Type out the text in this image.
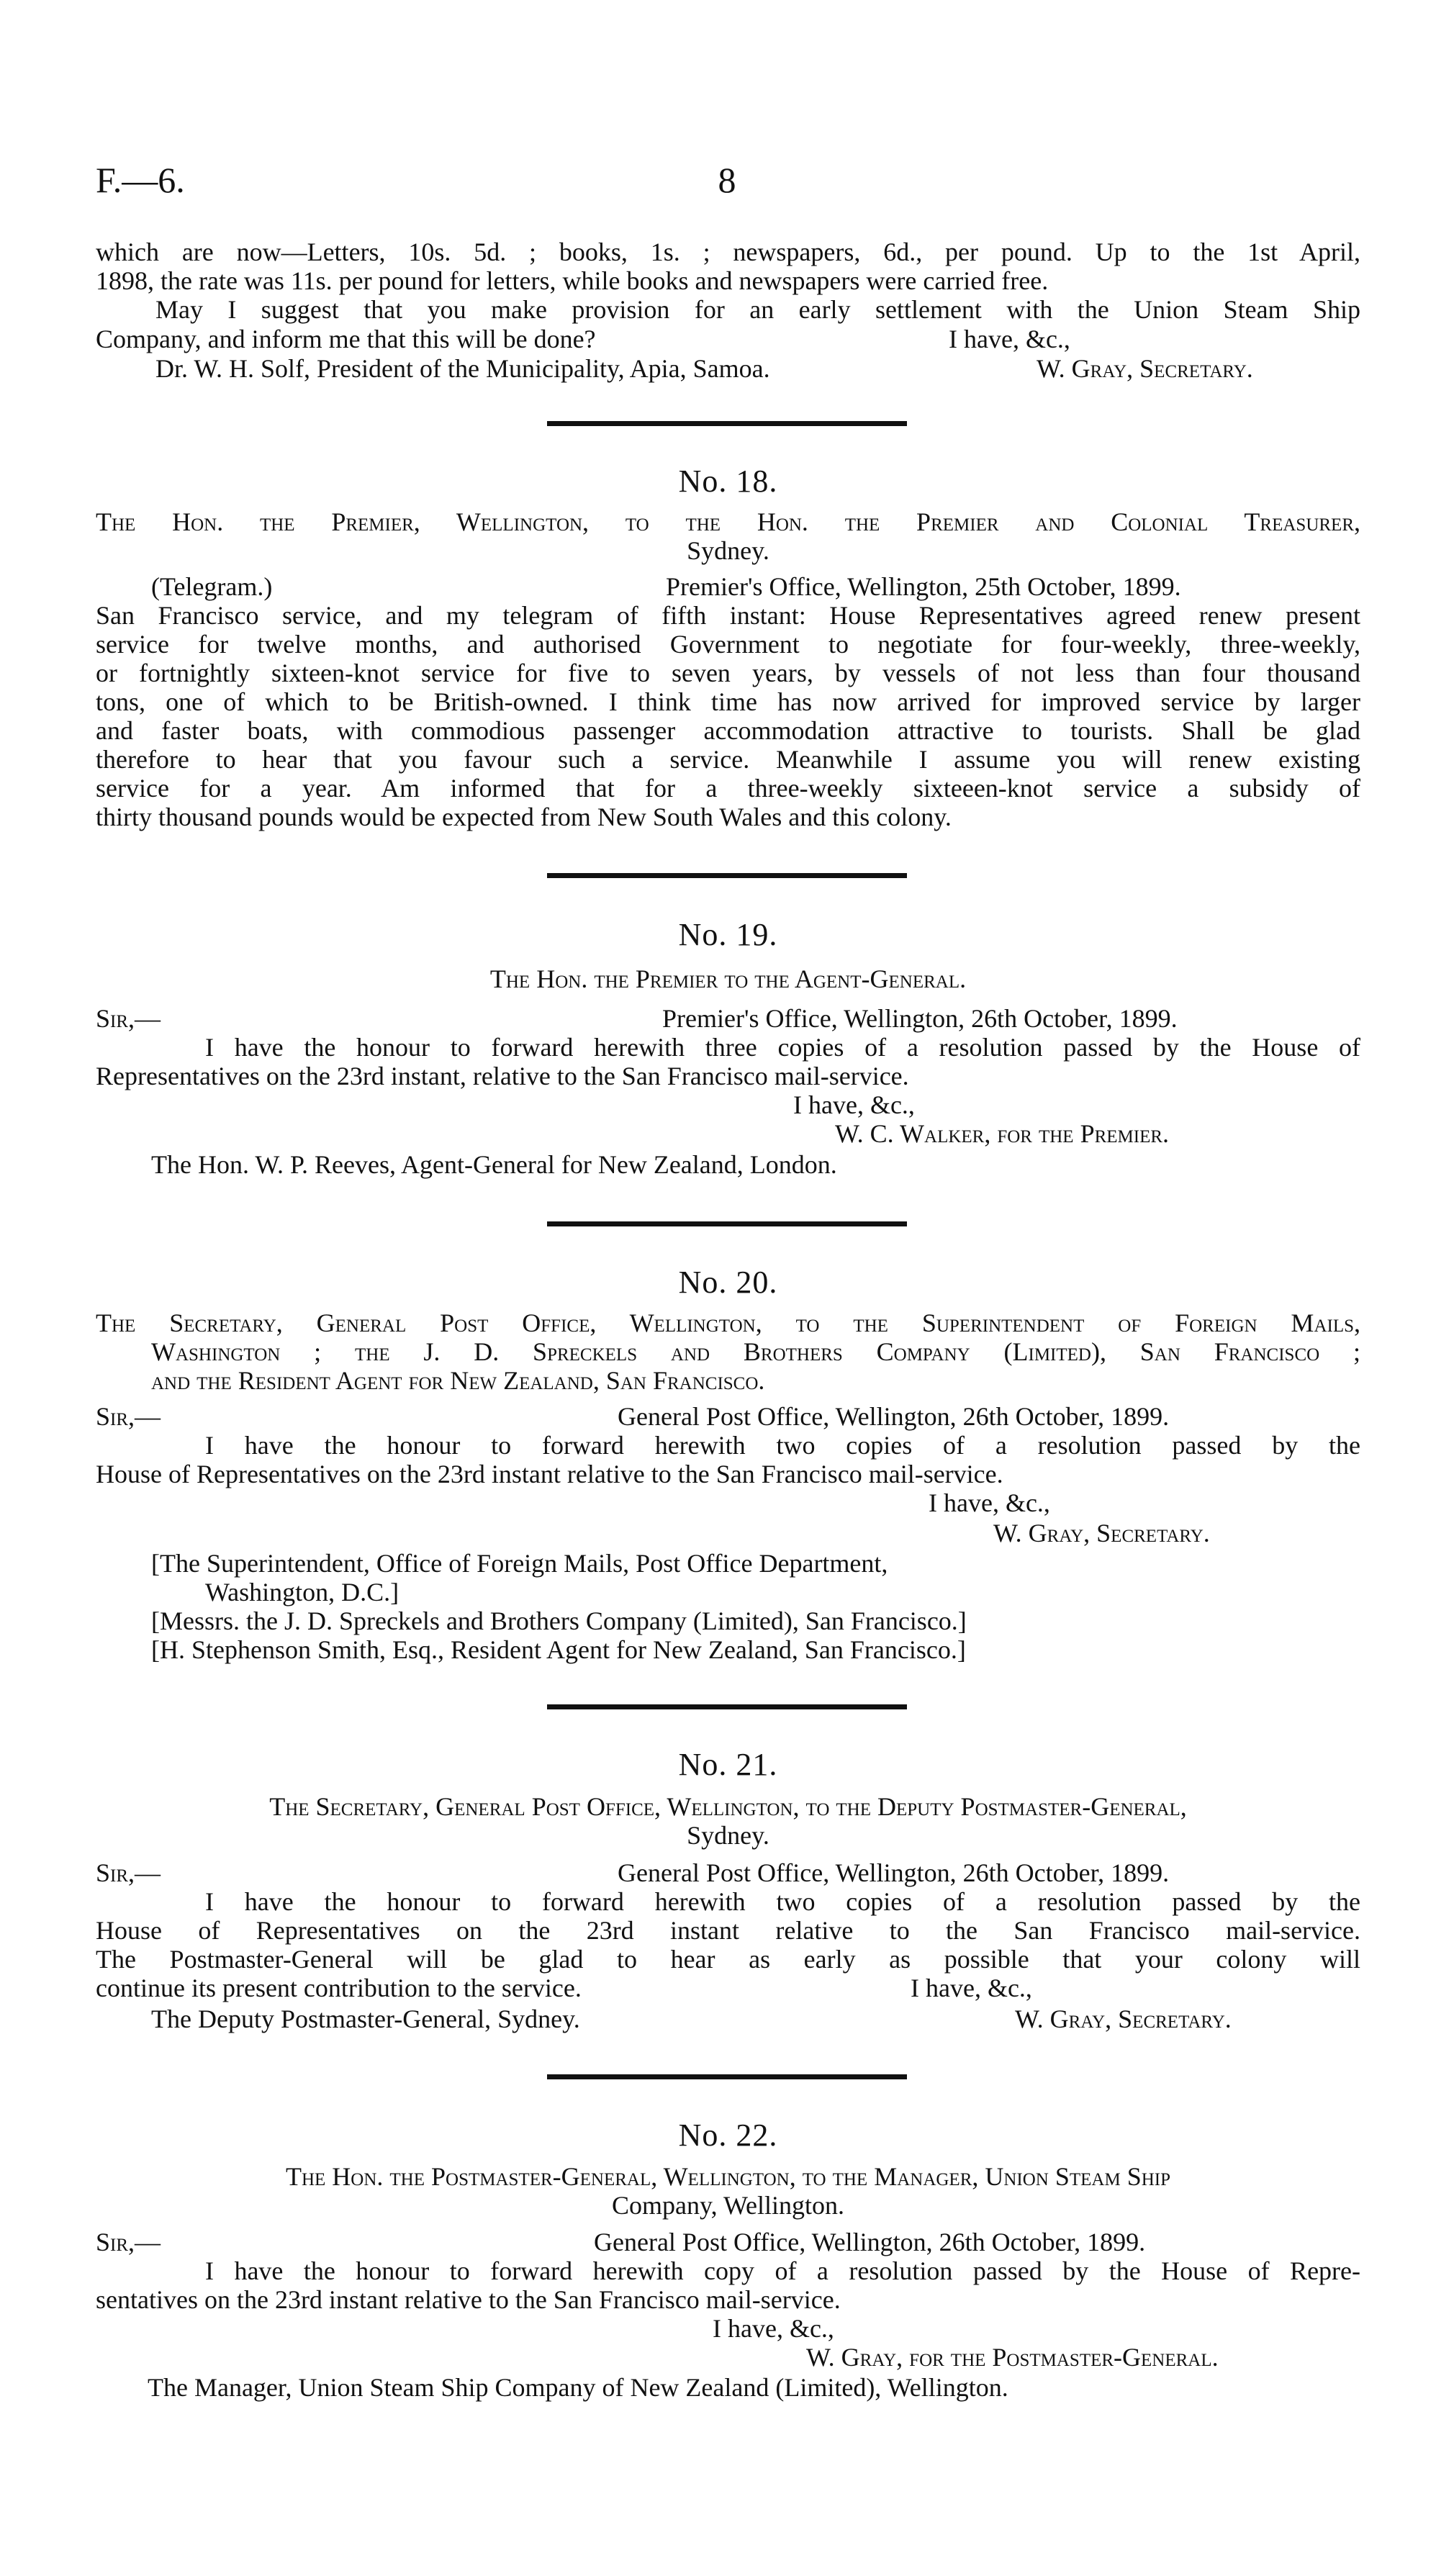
F.—6.	8
which are now—Letters, 10s. 5d. ; books, 1s. ; newspapers, 6d., per pound. Up to the 1st April,
1898, the rate was 11s. per pound for letters, while books and newspapers were carried free.
May I suggest that you make provision for an early settlement with the Union Steam Ship
Company, and inform me that this will be done?	I have, &c.,
Dr. W. H. Solf, President of the Municipality, Apia, Samoa.	W. Gray, Secretary.
No. 18.
The Hon. the Premier, Wellington, to the Hon. the Premier and Colonial Treasurer,
Sydney.
(Telegram.)	Premier's Office, Wellington, 25th October, 1899.
San Francisco service, and my telegram of fifth instant: House Representatives agreed renew present
service for twelve months, and authorised Government to negotiate for four-weekly, three-weekly,
or fortnightly sixteen-knot service for five to seven years, by vessels of not less than four thousand
tons, one of which to be British-owned. I think time has now arrived for improved service by larger
and faster boats, with commodious passenger accommodation attractive to tourists. Shall be glad
therefore to hear that you favour such a service. Meanwhile I assume you will renew existing
service for a year. Am informed that for a three-weekly sixteeen-knot service a subsidy of
thirty thousand pounds would be expected from New South Wales and this colony.
No. 19.
The Hon. the Premier to the Agent-General.
Sir,—	Premier's Office, Wellington, 26th October, 1899.
I have the honour to forward herewith three copies of a resolution passed by the House of
Representatives on the 23rd instant, relative to the San Francisco mail-service.
I have, &c.,
W. C. Walker, for the Premier.
The Hon. W. P. Reeves, Agent-General for New Zealand, London.
No. 20.
The Secretary, General Post Office, Wellington, to the Superintendent of Foreign Mails,
Washington ; the J. D. Spreckels and Brothers Company (Limited), San Francisco ;
and the Resident Agent for New Zealand, San Francisco.
Sir,—	General Post Office, Wellington, 26th October, 1899.
I have the honour to forward herewith two copies of a resolution passed by the
House of Representatives on the 23rd instant relative to the San Francisco mail-service.
I have, &c.,
W. Gray, Secretary.
[The Superintendent, Office of Foreign Mails, Post Office Department,
Washington, D.C.]
[Messrs. the J. D. Spreckels and Brothers Company (Limited), San Francisco.]
[H. Stephenson Smith, Esq., Resident Agent for New Zealand, San Francisco.]
No. 21.
The Secretary, General Post Office, Wellington, to the Deputy Postmaster-General,
Sydney.
Sir,—	General Post Office, Wellington, 26th October, 1899.
I have the honour to forward herewith two copies of a resolution passed by the
House of Representatives on the 23rd instant relative to the San Francisco mail-service.
The Postmaster-General will be glad to hear as early as possible that your colony will
continue its present contribution to the service.	I have, &c.,
The Deputy Postmaster-General, Sydney.	W. Gray, Secretary.
No. 22.
The Hon. the Postmaster-General, Wellington, to the Manager, Union Steam Ship
Company, Wellington.
Sir,—	General Post Office, Wellington, 26th October, 1899.
I have the honour to forward herewith copy of a resolution passed by the House of Repre-
sentatives on the 23rd instant relative to the San Francisco mail-service.
I have, &c.,
W. Gray, for the Postmaster-General.
The Manager, Union Steam Ship Company of New Zealand (Limited), Wellington.
